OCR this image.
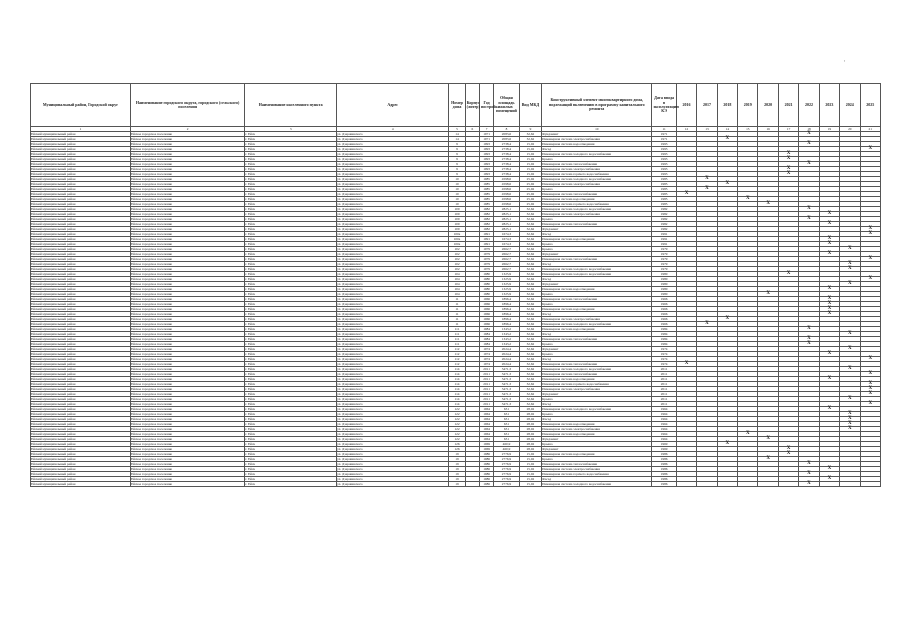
·
Муниципальный район, Городской округ	Наименование городского округа, городского (сельского) поселения	Наименование населенного пункта	Адрес	Номер дома	Корпус (литер)	Год постройки	Общая площадь жилых помещений	Вид МКД	Конструктивный элемент многоквартирного дома, подлежащий включению в программу капитального ремонта	Дата ввода в эксплуатацию КЭ	2016	2017	2018	2019	2020	2021	2022	2023	2024	2025
1	2	3	4	5	6	7	8	9	10	11	12	13	14	15	16	17	18	19	20	21
Ейский муниципальный район	Ейское городское поселение	г. Ейск	ул. Дзержинского	14		1971	2083,6	32,62	Фундамент	1971							X			
Ейский муниципальный район	Ейское городское поселение	г. Ейск	ул. Дзержинского	14		1971	2083,6	32,62	Инженерная система электроснабжения	1971			X							
Ейский муниципальный район	Ейское городское поселение	г. Ейск	ул. Дзержинского	9		1993	2738,4	15,02	Инженерная система водоотведения	1993							X			
Ейский муниципальный район	Ейское городское поселение	г. Ейск	ул. Дзержинского	9		1993	2738,4	15,02	Фасад	1993										X
Ейский муниципальный район	Ейское городское поселение	г. Ейск	ул. Дзержинского	9		1993	2738,4	15,02	Инженерная система холодного водоснабжения	1993						X				
Ейский муниципальный район	Ейское городское поселение	г. Ейск	ул. Дзержинского	9		1993	2738,4	15,02	Крыша	1993						X				
Ейский муниципальный район	Ейское городское поселение	г. Ейск	ул. Дзержинского	9		1993	2738,4	15,02	Инженерная система теплоснабжения	1993							X			
Ейский муниципальный район	Ейское городское поселение	г. Ейск	ул. Дзержинского	9		1993	2738,4	15,02	Инженерная система электроснабжения	1993						X				
Ейский муниципальный район	Ейское городское поселение	г. Ейск	ул. Дзержинского	9		1993	2738,4	15,02	Инженерная система горячего водоснабжения	1993						X				
Ейский муниципальный район	Ейское городское поселение	г. Ейск	ул. Дзержинского	10		1985	4598,6	25,92	Инженерная система холодного водоснабжения	1985		X								
Ейский муниципальный район	Ейское городское поселение	г. Ейск	ул. Дзержинского	10		1985	4598,6	25,92	Инженерная система электроснабжения	1985			X							
Ейский муниципальный район	Ейское городское поселение	г. Ейск	ул. Дзержинского	10		1985	4598,6	25,92	Крыша	1985		X								
Ейский муниципальный район	Ейское городское поселение	г. Ейск	ул. Дзержинского	10		1985	4598,6	25,92	Инженерная система теплоснабжения	1985	X									
Ейский муниципальный район	Ейское городское поселение	г. Ейск	ул. Дзержинского	10		1985	4598,6	25,92	Инженерная система водоотведения	1985				X						
Ейский муниципальный район	Ейское городское поселение	г. Ейск	ул. Дзержинского	10		1985	4598,6	25,92	Инженерная система горячего водоснабжения	1985					X					
Ейский муниципальный район	Ейское городское поселение	г. Ейск	ул. Дзержинского	100		1982	2825,1	32,62	Инженерная система холодного водоснабжения	1982							X			
Ейский муниципальный район	Ейское городское поселение	г. Ейск	ул. Дзержинского	100		1982	2825,1	32,62	Инженерная система электроснабжения	1982								X		
Ейский муниципальный район	Ейское городское поселение	г. Ейск	ул. Дзержинского	100		1982	2825,1	32,62	Крыша	1982							X			
Ейский муниципальный район	Ейское городское поселение	г. Ейск	ул. Дзержинского	100		1982	2825,1	32,62	Инженерная система теплоснабжения	1982								X		
Ейский муниципальный район	Ейское городское поселение	г. Ейск	ул. Дзержинского	100		1982	2825,1	32,62	Фундамент	1982										X
Ейский муниципальный район	Ейское городское поселение	г. Ейск	ул. Дзержинского	100а		1991	1674,3	32,62	Фасад	1991										X
Ейский муниципальный район	Ейское городское поселение	г. Ейск	ул. Дзержинского	100а		1991	1674,3	32,62	Инженерная система водоотведения	1991								X		
Ейский муниципальный район	Ейское городское поселение	г. Ейск	ул. Дзержинского	100а		1991	1674,3	32,62	Крыша	1991								X		
Ейский муниципальный район	Ейское городское поселение	г. Ейск	ул. Дзержинского	102		1979	2662,7	32,62	Крыша	1979									X	
Ейский муниципальный район	Ейское городское поселение	г. Ейск	ул. Дзержинского	102		1979	2662,7	32,62	Фундамент	1979								X		
Ейский муниципальный район	Ейское городское поселение	г. Ейск	ул. Дзержинского	102		1979	2662,7	32,62	Инженерная система теплоснабжения	1979										X
Ейский муниципальный район	Ейское городское поселение	г. Ейск	ул. Дзержинского	102		1979	2662,7	32,62	Фасад	1979									X	
Ейский муниципальный район	Ейское городское поселение	г. Ейск	ул. Дзержинского	102		1979	2662,7	32,62	Инженерная система холодного водоснабжения	1979									X	
Ейский муниципальный район	Ейское городское поселение	г. Ейск	ул. Дзержинского	104		1980	1325,9	32,62	Инженерная система холодного водоснабжения	1980						X				
Ейский муниципальный район	Ейское городское поселение	г. Ейск	ул. Дзержинского	104		1980	1325,9	32,62	Фасад	1980										X
Ейский муниципальный район	Ейское городское поселение	г. Ейск	ул. Дзержинского	104		1980	1325,9	32,62	Фундамент	1980									X	
Ейский муниципальный район	Ейское городское поселение	г. Ейск	ул. Дзержинского	104		1980	1325,9	32,62	Инженерная система водоотведения	1980								X		
Ейский муниципальный район	Ейское городское поселение	г. Ейск	ул. Дзержинского	104		1980	1325,9	32,62	Крыша	1980					X					
Ейский муниципальный район	Ейское городское поселение	г. Ейск	ул. Дзержинского	11		1966	1896,4	32,62	Инженерная система теплоснабжения	1966								X		
Ейский муниципальный район	Ейское городское поселение	г. Ейск	ул. Дзержинского	11		1966	1896,4	32,62	Крыша	1966								X		
Ейский муниципальный район	Ейское городское поселение	г. Ейск	ул. Дзержинского	11		1966	1896,4	32,62	Инженерная система водоотведения	1966								X		
Ейский муниципальный район	Ейское городское поселение	г. Ейск	ул. Дзержинского	11		1966	1896,4	32,62	Фасад	1966								X		
Ейский муниципальный район	Ейское городское поселение	г. Ейск	ул. Дзержинского	11		1966	1896,4	32,62	Инженерная система электроснабжения	1966			X							
Ейский муниципальный район	Ейское городское поселение	г. Ейск	ул. Дзержинского	11		1966	1896,4	32,62	Инженерная система холодного водоснабжения	1966		X								
Ейский муниципальный район	Ейское городское поселение	г. Ейск	ул. Дзержинского	111		1984	1343,2	32,62	Инженерная система водоотведения	1984							X			
Ейский муниципальный район	Ейское городское поселение	г. Ейск	ул. Дзержинского	111		1984	1343,2	32,62	Фасад	1984									X	
Ейский муниципальный район	Ейское городское поселение	г. Ейск	ул. Дзержинского	111		1984	1343,2	32,62	Инженерная система теплоснабжения	1984							X			
Ейский муниципальный район	Ейское городское поселение	г. Ейск	ул. Дзержинского	111		1984	1343,2	32,62	Крыша	1984							X			
Ейский муниципальный район	Ейское городское поселение	г. Ейск	ул. Дзержинского	112		1974	2024,4	32,62	Фундамент	1974									X	
Ейский муниципальный район	Ейское городское поселение	г. Ейск	ул. Дзержинского	112		1974	2024,4	32,62	Крыша	1974								X		
Ейский муниципальный район	Ейское городское поселение	г. Ейск	ул. Дзержинского	112		1974	2024,4	32,62	Фасад	1974										X
Ейский муниципальный район	Ейское городское поселение	г. Ейск	ул. Дзержинского	112		1974	2024,4	32,62	Инженерная система теплоснабжения	1974	X									
Ейский муниципальный район	Ейское городское поселение	г. Ейск	ул. Дзержинского	114		2011	3471,3	32,62	Инженерная система холодного водоснабжения	2011									X	
Ейский муниципальный район	Ейское городское поселение	г. Ейск	ул. Дзержинского	114		2011	3471,3	32,62	Инженерная система теплоснабжения	2011										X
Ейский муниципальный район	Ейское городское поселение	г. Ейск	ул. Дзержинского	114		2011	3471,3	32,62	Инженерная система водоотведения	2011								X		
Ейский муниципальный район	Ейское городское поселение	г. Ейск	ул. Дзержинского	114		2011	3471,3	32,62	Инженерная система горячего водоснабжения	2011										X
Ейский муниципальный район	Ейское городское поселение	г. Ейск	ул. Дзержинского	114		2011	3471,3	32,62	Инженерная система электроснабжения	2011										X
Ейский муниципальный район	Ейское городское поселение	г. Ейск	ул. Дзержинского	114		2011	3471,3	32,62	Фундамент	2011										X
Ейский муниципальный район	Ейское городское поселение	г. Ейск	ул. Дзержинского	114		2011	3471,3	32,62	Крыша	2011									X	
Ейский муниципальный район	Ейское городское поселение	г. Ейск	ул. Дзержинского	114		2011	3471,3	32,62	Фасад	2011										X
Ейский муниципальный район	Ейское городское поселение	г. Ейск	ул. Дзержинского	122		1964	631	28,02	Инженерная система холодного водоснабжения	1964								X		
Ейский муниципальный район	Ейское городское поселение	г. Ейск	ул. Дзержинского	122		1964	631	28,02	Крыша	1964									X	
Ейский муниципальный район	Ейское городское поселение	г. Ейск	ул. Дзержинского	122		1964	631	28,02	Фасад	1964									X	
Ейский муниципальный район	Ейское городское поселение	г. Ейск	ул. Дзержинского	122		1964	631	28,02	Инженерная система водоотведения	1964									X	
Ейский муниципальный район	Ейское городское поселение	г. Ейск	ул. Дзержинского	122		1964	631	28,02	Инженерная система электроснабжения	1964									X	
Ейский муниципальный район	Ейское городское поселение	г. Ейск	ул. Дзержинского	122		1964	631	28,02	Инженерная система водоотведения	1964				X						
Ейский муниципальный район	Ейское городское поселение	г. Ейск	ул. Дзержинского	122		1964	631	28,02	Фундамент	1964					X					
Ейский муниципальный район	Ейское городское поселение	г. Ейск	ул. Дзержинского	126		1969	460,9	28,02	Крыша	1969			X							
Ейский муниципальный район	Ейское городское поселение	г. Ейск	ул. Дзержинского	126		1969	460,9	28,02	Фундамент	1969						X				
Ейский муниципальный район	Ейское городское поселение	г. Ейск	ул. Дзержинского	19		1986	2776,9	15,02	Инженерная система водоотведения	1986						X				
Ейский муниципальный район	Ейское городское поселение	г. Ейск	ул. Дзержинского	19		1986	2776,9	15,02	Крыша	1986					X					
Ейский муниципальный район	Ейское городское поселение	г. Ейск	ул. Дзержинского	19		1986	2776,9	15,02	Инженерная система теплоснабжения	1986							X			
Ейский муниципальный район	Ейское городское поселение	г. Ейск	ул. Дзержинского	19		1986	2776,9	15,02	Инженерная система электроснабжения	1986								X		
Ейский муниципальный район	Ейское городское поселение	г. Ейск	ул. Дзержинского	19		1986	2776,9	15,02	Инженерная система горячего водоснабжения	1986							X			
Ейский муниципальный район	Ейское городское поселение	г. Ейск	ул. Дзержинского	19		1986	2776,9	15,02	Фасад	1986								X		
Ейский муниципальный район	Ейское городское поселение	г. Ейск	ул. Дзержинского	19		1986	2776,9	15,02	Инженерная система холодного водоснабжения	1986							X			
